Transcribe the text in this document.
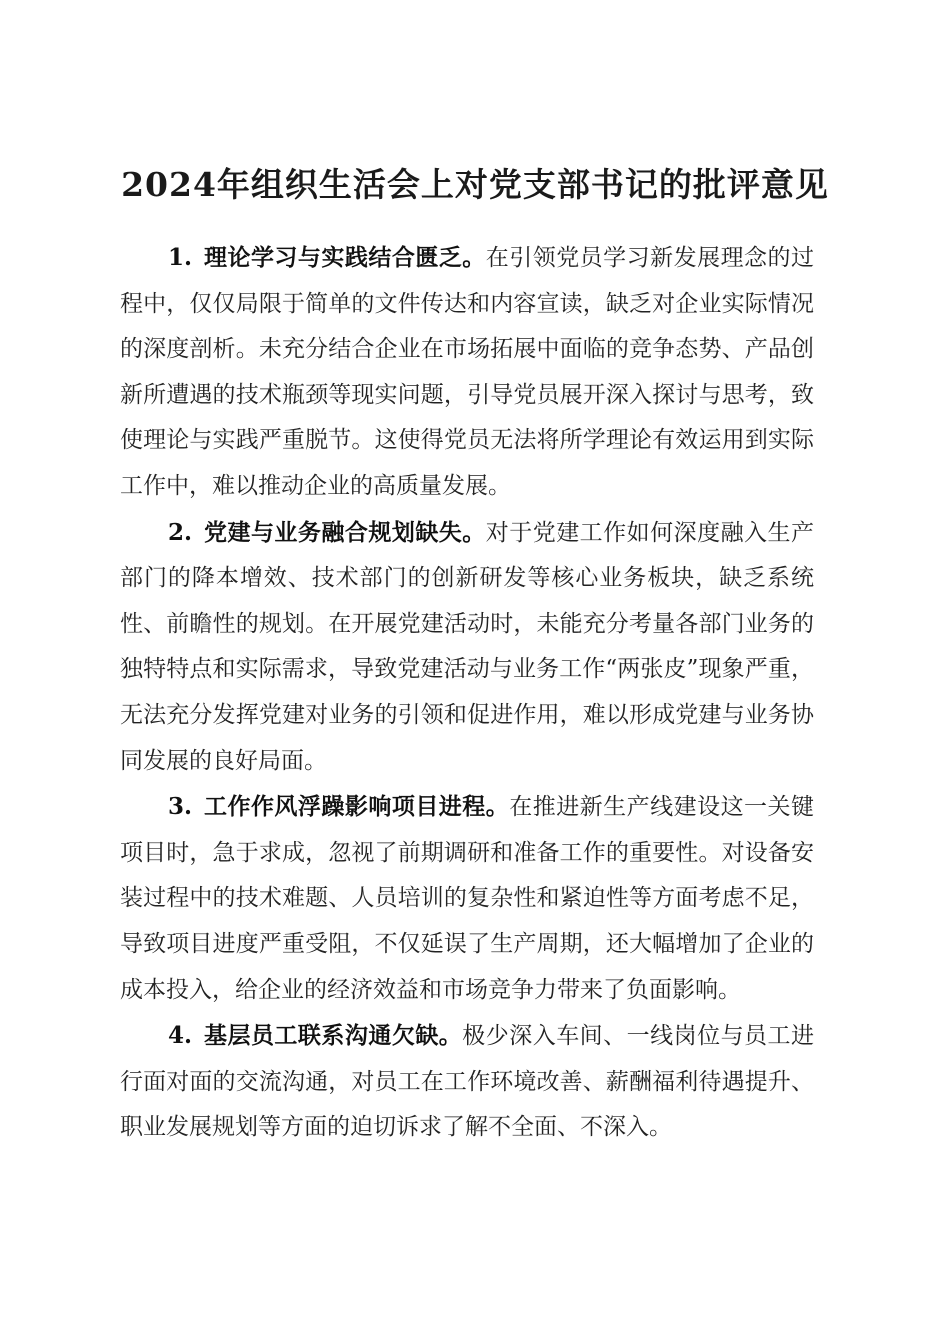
2024年组织生活会上对党支部书记的批评意见

1.  理论学习与实践结合匮乏。在引领党员学习新发展理念的过程中，仅仅局限于简单的文件传达和内容宣读，缺乏对企业实际情况的深度剖析。未充分结合企业在市场拓展中面临的竞争态势、产品创新所遭遇的技术瓶颈等现实问题，引导党员展开深入探讨与思考，致使理论与实践严重脱节。这使得党员无法将所学理论有效运用到实际工作中，难以推动企业的高质量发展。

2.  党建与业务融合规划缺失。对于党建工作如何深度融入生产部门的降本增效、技术部门的创新研发等核心业务板块，缺乏系统性、前瞻性的规划。在开展党建活动时，未能充分考量各部门业务的独特特点和实际需求，导致党建活动与业务工作“两张皮”现象严重，无法充分发挥党建对业务的引领和促进作用，难以形成党建与业务协同发展的良好局面。

3.  工作作风浮躁影响项目进程。在推进新生产线建设这一关键项目时，急于求成，忽视了前期调研和准备工作的重要性。对设备安装过程中的技术难题、人员培训的复杂性和紧迫性等方面考虑不足，导致项目进度严重受阻，不仅延误了生产周期，还大幅增加了企业的成本投入，给企业的经济效益和市场竞争力带来了负面影响。

4.  基层员工联系沟通欠缺。极少深入车间、一线岗位与员工进行面对面的交流沟通，对员工在工作环境改善、薪酬福利待遇提升、职业发展规划等方面的迫切诉求了解不全面、不深入。
